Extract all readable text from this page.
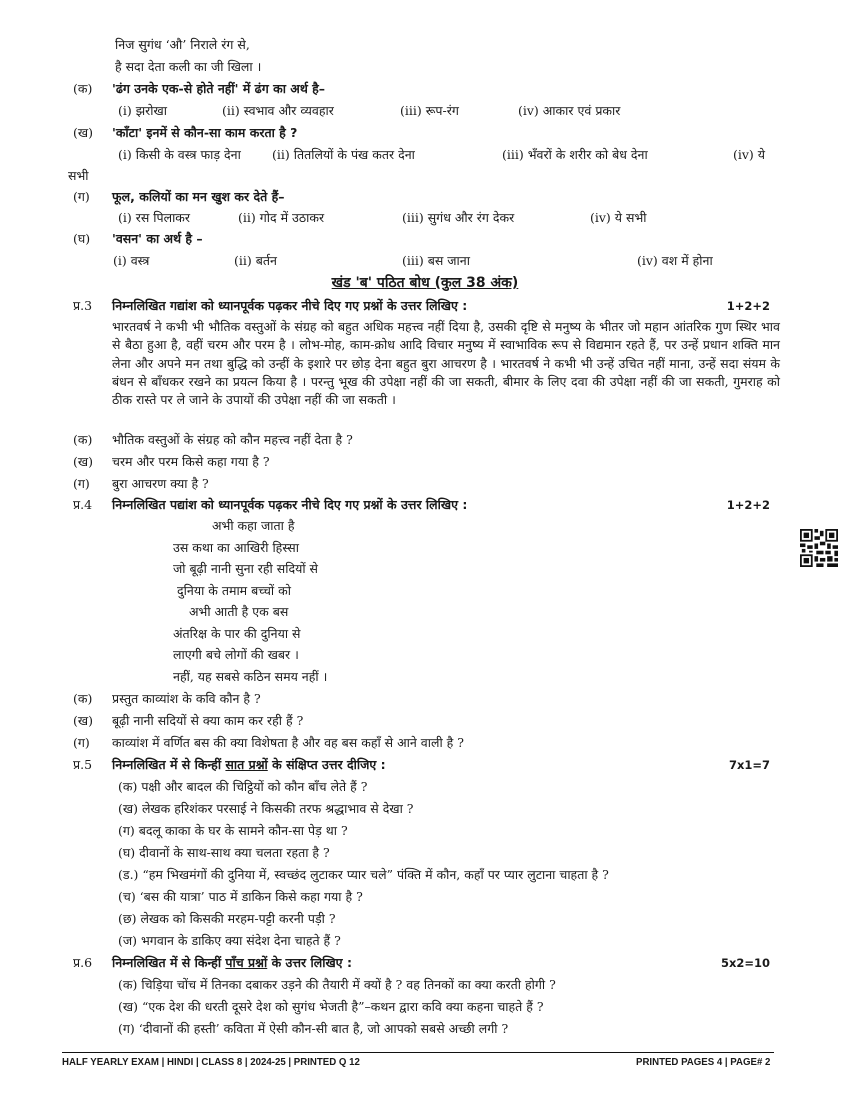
निज सुगंध ‘औ’ निराले रंग से,
है सदा देता कली का जी खिला ।
(क) 'ढंग उनके एक-से होते नहीं' में ढंग का अर्थ है–
(i) झरोखा	(ii) स्वभाव और व्यवहार	(iii) रूप-रंग	(iv) आकार एवं प्रकार
(ख) 'काँटा' इनमें से कौन-सा काम करता है ?
(i) किसी के वस्त्र फाड़ देना (ii) तितलियों के पंख कतर देना	(iii) भँवरों के शरीर को बेध देना	(iv) ये
सभी
(ग) फूल, कलियों का मन खुश कर देते हैं–
(i) रस पिलाकर	(ii) गोद में उठाकर	(iii) सुगंध और रंग देकर	(iv) ये सभी
(घ) 'वसन' का अर्थ है –
(i) वस्त्र	(ii) बर्तन	(iii) बस जाना	(iv) वश में होना
खंड 'ब' पठित बोध (कुल 38 अंक)
प्र.3 निम्नलिखित गद्यांश को ध्यानपूर्वक पढ़कर नीचे दिए गए प्रश्नों के उत्तर लिखिए :	1+2+2
भारतवर्ष ने कभी भी भौतिक वस्तुओं के संग्रह को बहुत अधिक महत्त्व नहीं दिया है, उसकी दृष्टि से मनुष्य के भीतर जो महान आंतरिक गुण स्थिर भाव से बैठा हुआ है, वहीं चरम और परम है । लोभ-मोह, काम-क्रोध आदि विचार मनुष्य में स्वाभाविक रूप से विद्यमान रहते हैं, पर उन्हें प्रधान शक्ति मान लेना और अपने मन तथा बुद्धि को उन्हीं के इशारे पर छोड़ देना बहुत बुरा आचरण है । भारतवर्ष ने कभी भी उन्हें उचित नहीं माना, उन्हें सदा संयम के बंधन से बाँधकर रखने का प्रयत्न किया है । परन्तु भूख की उपेक्षा नहीं की जा सकती, बीमार के लिए दवा की उपेक्षा नहीं की जा सकती, गुमराह को ठीक रास्ते पर ले जाने के उपायों की उपेक्षा नहीं की जा सकती ।
(क) भौतिक वस्तुओं के संग्रह को कौन महत्त्व नहीं देता है ?
(ख) चरम और परम किसे कहा गया है ?
(ग) बुरा आचरण क्या है ?
प्र.4 निम्नलिखित पद्यांश को ध्यानपूर्वक पढ़कर नीचे दिए गए प्रश्नों के उत्तर लिखिए :	1+2+2
अभी कहा जाता है
उस कथा का आखिरी हिस्सा
जो बूढ़ी नानी सुना रही सदियों से
दुनिया के तमाम बच्चों को
अभी आती है एक बस
अंतरिक्ष के पार की दुनिया से
लाएगी बचे लोगों की खबर ।
नहीं, यह सबसे कठिन समय नहीं ।
(क) प्रस्तुत काव्यांश के कवि कौन है ?
(ख) बूढ़ी नानी सदियों से क्या काम कर रही हैं ?
(ग) काव्यांश में वर्णित बस की क्या विशेषता है और वह बस कहाँ से आने वाली है ?
प्र.5 निम्नलिखित में से किन्हीं सात प्रश्नों के संक्षिप्त उत्तर दीजिए :	7x1=7
(क) पक्षी और बादल की चिट्ठियों को कौन बाँच लेते हैं ?
(ख) लेखक हरिशंकर परसाई ने किसकी तरफ श्रद्धाभाव से देखा ?
(ग) बदलू काका के घर के सामने कौन-सा पेड़ था ?
(घ) दीवानों के साथ-साथ क्या चलता रहता है ?
(ड.) “हम भिखमंगों की दुनिया में, स्वच्छंद लुटाकर प्यार चले” पंक्ति में कौन, कहाँ पर प्यार लुटाना चाहता है ?
(च) ‘बस की यात्रा’ पाठ में डाकिन किसे कहा गया है ?
(छ) लेखक को किसकी मरहम-पट्टी करनी पड़ी ?
(ज) भगवान के डाकिए क्या संदेश देना चाहते हैं ?
प्र.6 निम्नलिखित में से किन्हीं पाँच प्रश्नों के उत्तर लिखिए :	5x2=10
(क) चिड़िया चोंच में तिनका दबाकर उड़ने की तैयारी में क्यों है ? वह तिनकों का क्या करती होगी ?
(ख) “एक देश की धरती दूसरे देश को सुगंध भेजती है”–कथन द्वारा कवि क्या कहना चाहते हैं ?
(ग) ‘दीवानों की हस्ती’ कविता में ऐसी कौन-सी बात है, जो आपको सबसे अच्छी लगी ?
HALF YEARLY EXAM | HINDI | CLASS 8 | 2024-25 | PRINTED Q 12	PRINTED PAGES 4 | PAGE# 2
